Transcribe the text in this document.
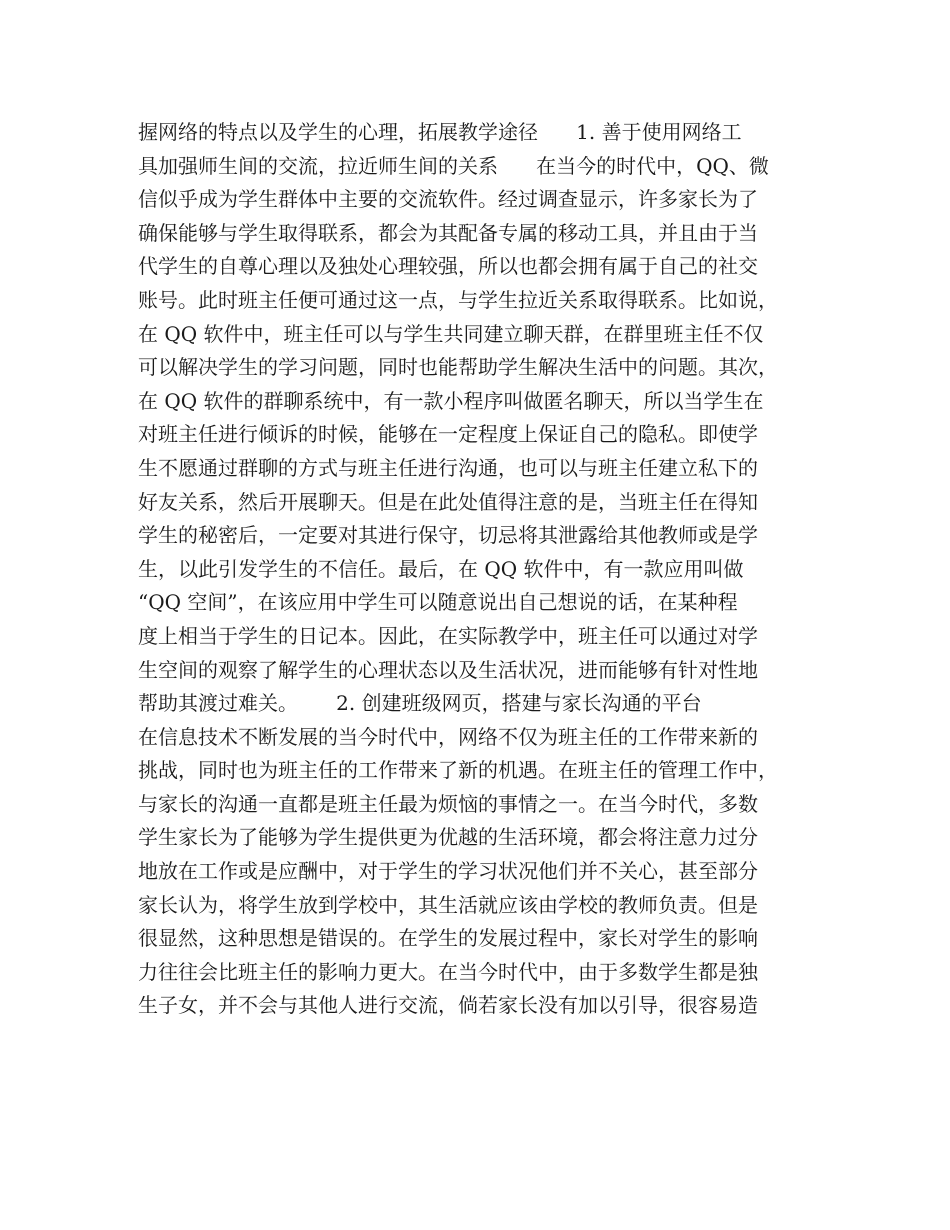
握网络的特点以及学生的心理，拓展教学途径      1. 善于使用网络工
具加强师生间的交流，拉近师生间的关系      在当今的时代中，QQ、微
信似乎成为学生群体中主要的交流软件。经过调查显示，许多家长为了
确保能够与学生取得联系，都会为其配备专属的移动工具，并且由于当
代学生的自尊心理以及独处心理较强，所以也都会拥有属于自己的社交
账号。此时班主任便可通过这一点，与学生拉近关系取得联系。比如说，
在 QQ 软件中，班主任可以与学生共同建立聊天群，在群里班主任不仅
可以解决学生的学习问题，同时也能帮助学生解决生活中的问题。其次，
在 QQ 软件的群聊系统中，有一款小程序叫做匿名聊天，所以当学生在
对班主任进行倾诉的时候，能够在一定程度上保证自己的隐私。即使学
生不愿通过群聊的方式与班主任进行沟通，也可以与班主任建立私下的
好友关系，然后开展聊天。但是在此处值得注意的是，当班主任在得知
学生的秘密后，一定要对其进行保守，切忌将其泄露给其他教师或是学
生，以此引发学生的不信任。最后，在 QQ 软件中，有一款应用叫做
“QQ 空间”，在该应用中学生可以随意说出自己想说的话，在某种程
度上相当于学生的日记本。因此，在实际教学中，班主任可以通过对学
生空间的观察了解学生的心理状态以及生活状况，进而能够有针对性地
帮助其渡过难关。      2. 创建班级网页，搭建与家长沟通的平台
在信息技术不断发展的当今时代中，网络不仅为班主任的工作带来新的
挑战，同时也为班主任的工作带来了新的机遇。在班主任的管理工作中，
与家长的沟通一直都是班主任最为烦恼的事情之一。在当今时代，多数
学生家长为了能够为学生提供更为优越的生活环境，都会将注意力过分
地放在工作或是应酬中，对于学生的学习状况他们并不关心，甚至部分
家长认为，将学生放到学校中，其生活就应该由学校的教师负责。但是
很显然，这种思想是错误的。在学生的发展过程中，家长对学生的影响
力往往会比班主任的影响力更大。在当今时代中，由于多数学生都是独
生子女，并不会与其他人进行交流，倘若家长没有加以引导，很容易造
